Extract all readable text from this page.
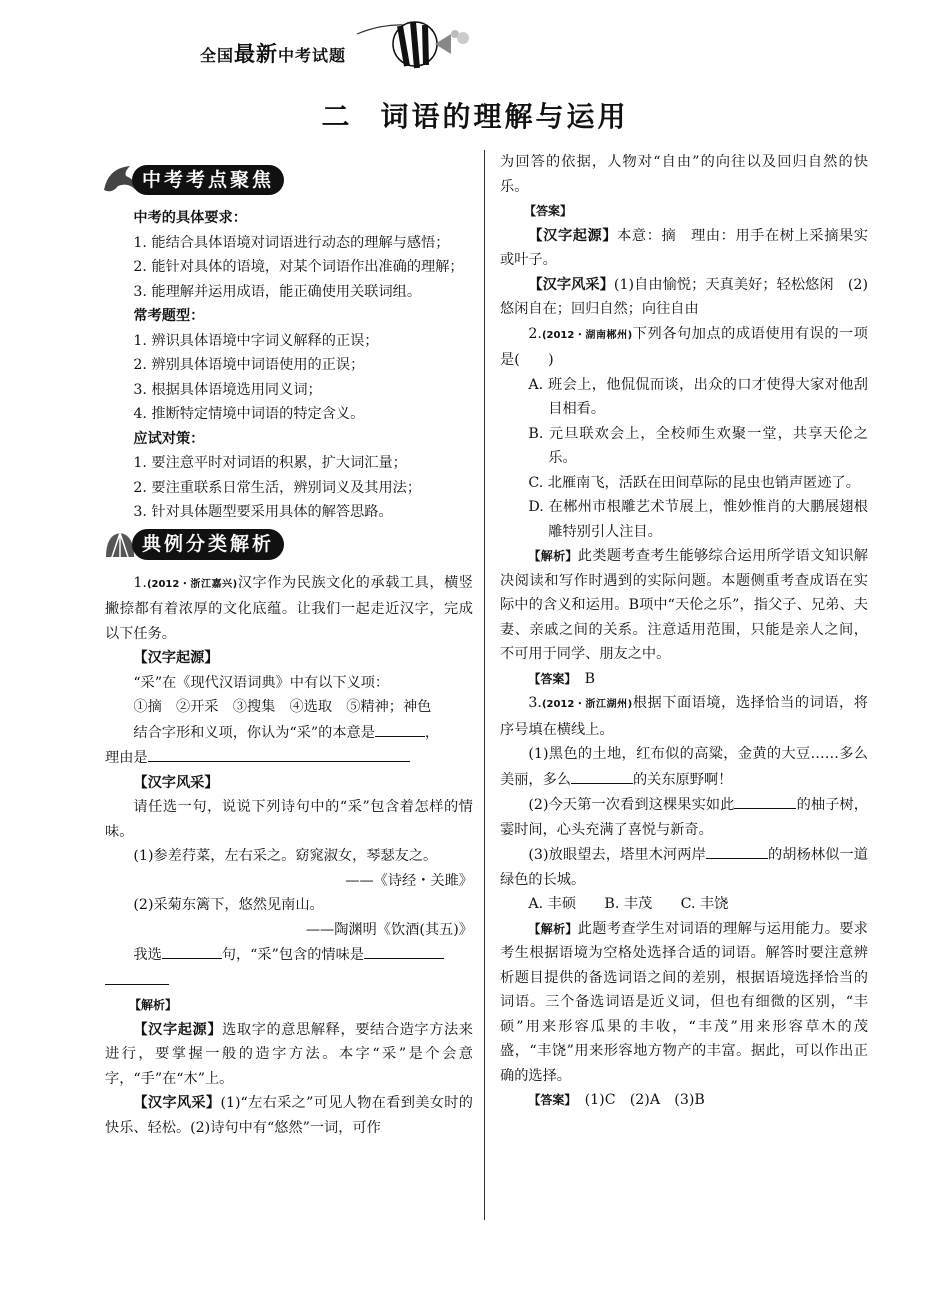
全国最新中考试题
二 词语的理解与运用
中考考点聚焦

中考的具体要求：

1. 能结合具体语境对词语进行动态的理解与感悟；

2. 能针对具体的语境，对某个词语作出准确的理解；

3. 能理解并运用成语，能正确使用关联词组。

常考题型：

1. 辨识具体语境中字词义解释的正误；

2. 辨别具体语境中词语使用的正误；

3. 根据具体语境选用同义词；

4. 推断特定情境中词语的特定含义。

应试对策：

1. 要注意平时对词语的积累，扩大词汇量；

2. 要注重联系日常生活，辨别词义及其用法；

3. 针对具体题型要采用具体的解答思路。

典例分类解析

1.(2012・浙江嘉兴)汉字作为民族文化的承载工具，横竖撇捺都有着浓厚的文化底蕴。让我们一起走近汉字，完成以下任务。

【汉字起源】

“采”在《现代汉语词典》中有以下义项：

①摘　②开采　③搜集　④选取　⑤精神；神色

结合字形和义项，你认为“采”的本意是	，

理由是

【汉字风采】

请任选一句，说说下列诗句中的“采”包含着怎样的情味。

(1)参差荇菜，左右采之。窈窕淑女，琴瑟友之。

——《诗经・关雎》

(2)采菊东篱下，悠然见南山。

——陶渊明《饮酒(其五)》

我选	句，“采”包含的情味是

【解析】

【汉字起源】选取字的意思解释，要结合造字方法来进行，要掌握一般的造字方法。本字“采”是个会意字，“手”在“木”上。

【汉字风采】(1)“左右采之”可见人物在看到美女时的快乐、轻松。(2)诗句中有“悠然”一词，可作

为回答的依据，人物对“自由”的向往以及回归自然的快乐。

【答案】

【汉字起源】本意：摘　理由：用手在树上采摘果实或叶子。

【汉字风采】(1)自由愉悦；天真美好；轻松悠闲　(2)悠闲自在；回归自然；向往自由

2.(2012・湖南郴州)下列各句加点的成语使用有误的一项是(　　)

A. 班会上，他侃侃而谈，出众的口才使得大家对他刮目相看。

B. 元旦联欢会上，全校师生欢聚一堂，共享天伦之乐。

C. 北雁南飞，活跃在田间草际的昆虫也销声匿迹了。

D. 在郴州市根雕艺术节展上，惟妙惟肖的大鹏展翅根雕特别引人注目。

【解析】此类题考查考生能够综合运用所学语文知识解决阅读和写作时遇到的实际问题。本题侧重考查成语在实际中的含义和运用。B项中“天伦之乐”，指父子、兄弟、夫妻、亲戚之间的关系。注意适用范围，只能是亲人之间，不可用于同学、朋友之中。

【答案】　 B

3.(2012・浙江湖州)根据下面语境，选择恰当的词语，将序号填在横线上。

(1)黑色的土地，红布似的高粱，金黄的大豆……多么美丽，多么	的关东原野啊！

(2)今天第一次看到这棵果实如此	的柚子树，霎时间，心头充满了喜悦与新奇。

(3)放眼望去，塔里木河两岸	的胡杨林似一道绿色的长城。

A. 丰硕　　B. 丰茂　　C. 丰饶

【解析】此题考查学生对词语的理解与运用能力。要求考生根据语境为空格处选择合适的词语。解答时要注意辨析题目提供的备选词语之间的差别，根据语境选择恰当的词语。三个备选词语是近义词，但也有细微的区别，“丰硕”用来形容瓜果的丰收，“丰茂”用来形容草木的茂盛，“丰饶”用来形容地方物产的丰富。据此，可以作出正确的选择。

【答案】　 (1)C　(2)A　(3)B
